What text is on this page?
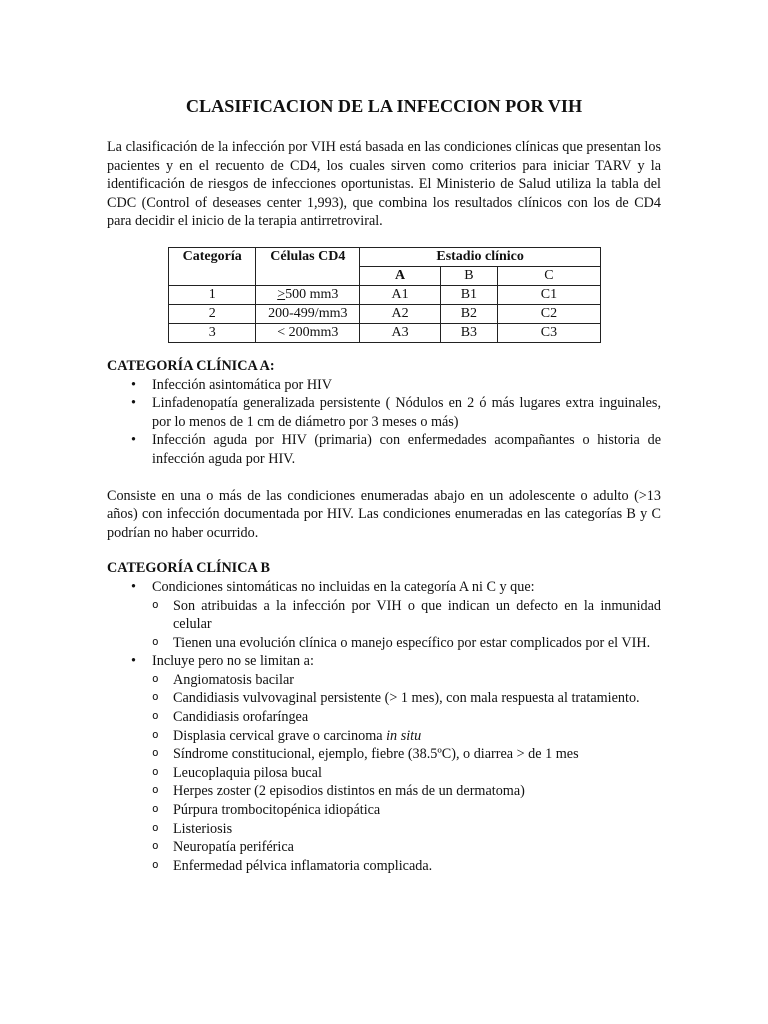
CLASIFICACION DE LA INFECCION POR VIH

La clasificación de la infección por VIH está basada en las condiciones clínicas que presentan los pacientes y en el recuento de CD4, los cuales sirven como criterios para iniciar TARV y la identificación de riesgos de infecciones oportunistas. El Ministerio de Salud utiliza la tabla del CDC (Control of deseases center 1,993), que combina los resultados clínicos con los de CD4 para decidir el inicio de la terapia antirretroviral.

Categoría	Células CD4	Estadio clínico		
		A	B	C
1	>500 mm3	A1	B1	C1
2	200-499/mm3	A2	B2	C2
3	< 200mm3	A3	B3	C3

CATEGORÍA CLÍNICA A:

• Infección asintomática por HIV
• Linfadenopatía generalizada persistente ( Nódulos en 2 ó más lugares extra inguinales, por lo menos de 1 cm de diámetro por 3 meses o más)
• Infección aguda por HIV (primaria) con enfermedades acompañantes o historia de infección aguda por HIV.

Consiste en una o más de las condiciones enumeradas abajo en un adolescente o adulto (>13 años) con infección documentada por HIV. Las condiciones enumeradas en las categorías B y C podrían no haber ocurrido.

CATEGORÍA CLÍNICA B

• Condiciones sintomáticas no incluidas en la categoría A ni C y que:
o Son atribuidas a la infección por VIH o que indican un defecto en la inmunidad celular
o Tienen una evolución clínica o manejo específico por estar complicados por el VIH.
• Incluye pero no se limitan a:
o Angiomatosis bacilar
o Candidiasis vulvovaginal persistente (> 1 mes), con mala respuesta al tratamiento.
o Candidiasis orofaríngea
o Displasia cervical grave o carcinoma in situ
o Síndrome constitucional, ejemplo, fiebre (38.5ºC), o diarrea > de 1 mes
o Leucoplaquia pilosa bucal
o Herpes zoster (2 episodios distintos en más de un dermatoma)
o Púrpura trombocitopénica idiopática
o Listeriosis
o Neuropatía periférica
o Enfermedad pélvica inflamatoria complicada.
